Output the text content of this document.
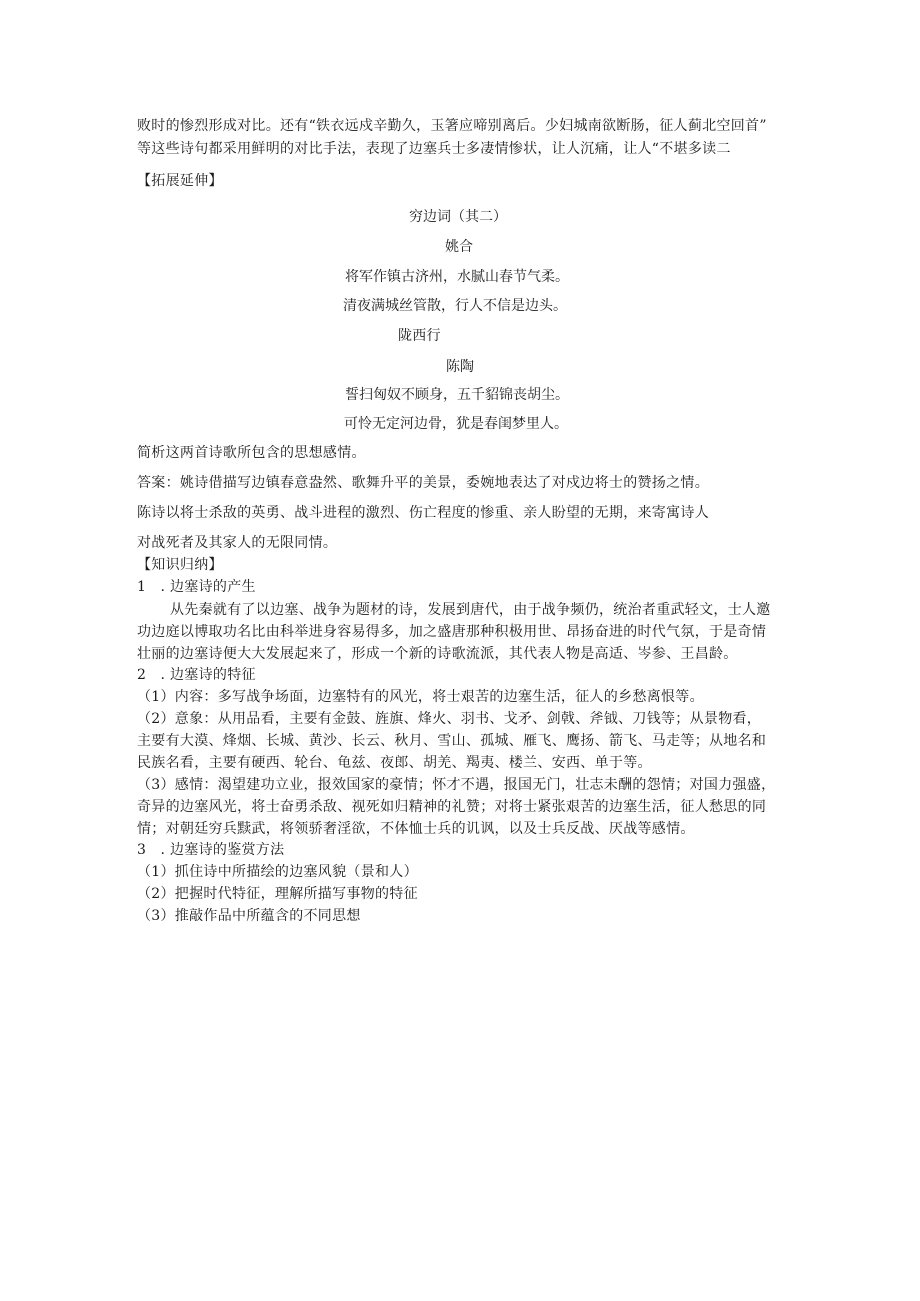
败时的惨烈形成对比。还有“铁衣远戍辛勤久，玉箸应啼别离后。少妇城南欲断肠，征人蓟北空回首”
等这些诗句都采用鲜明的对比手法，表现了边塞兵士多凄情惨状，让人沉痛，让人“不堪多读二
【拓展延伸】
穷边词（其二）
姚合
将军作镇古济州，水腻山春节气柔。
清夜满城丝管散，行人不信是边头。
陇西行
陈陶
誓扫匈奴不顾身，五千貂锦丧胡尘。
可怜无定河边骨，犹是春闺梦里人。
简析这两首诗歌所包含的思想感情。
答案：姚诗借描写边镇春意盎然、歌舞升平的美景，委婉地表达了对戍边将士的赞扬之情。
陈诗以将士杀敌的英勇、战斗进程的激烈、伤亡程度的惨重、亲人盼望的无期，来寄寓诗人
对战死者及其家人的无限同情。
【知识归纳】
1　. 边塞诗的产生
从先秦就有了以边塞、战争为题材的诗，发展到唐代，由于战争频仍，统治者重武轻文，士人邀
功边庭以博取功名比由科举进身容易得多，加之盛唐那种积极用世、昂扬奋进的时代气氛，于是奇情
壮丽的边塞诗便大大发展起来了，形成一个新的诗歌流派，其代表人物是高适、岑参、王昌龄。
2　. 边塞诗的特征
（1）内容：多写战争场面，边塞特有的风光，将士艰苦的边塞生活，征人的乡愁离恨等。
（2）意象：从用品看，主要有金鼓、旌旗、烽火、羽书、戈矛、剑戟、斧钺、刀钱等；从景物看，
主要有大漠、烽烟、长城、黄沙、长云、秋月、雪山、孤城、雁飞、鹰扬、箭飞、马走等；从地名和
民族名看，主要有硬西、轮台、龟兹、夜郎、胡羌、羯夷、楼兰、安西、单于等。
（3）感情：渴望建功立业，报效国家的豪情；怀才不遇，报国无门，壮志未酬的怨情；对国力强盛，
奇异的边塞风光，将士奋勇杀敌、视死如归精神的礼赞；对将士紧张艰苦的边塞生活，征人愁思的同
情；对朝廷穷兵黩武，将领骄奢淫欲，不体恤士兵的讥讽，以及士兵反战、厌战等感情。
3　. 边塞诗的鉴赏方法
（1）抓住诗中所描绘的边塞风貌（景和人）
（2）把握时代特征，理解所描写事物的特征
（3）推敲作品中所蕴含的不同思想
